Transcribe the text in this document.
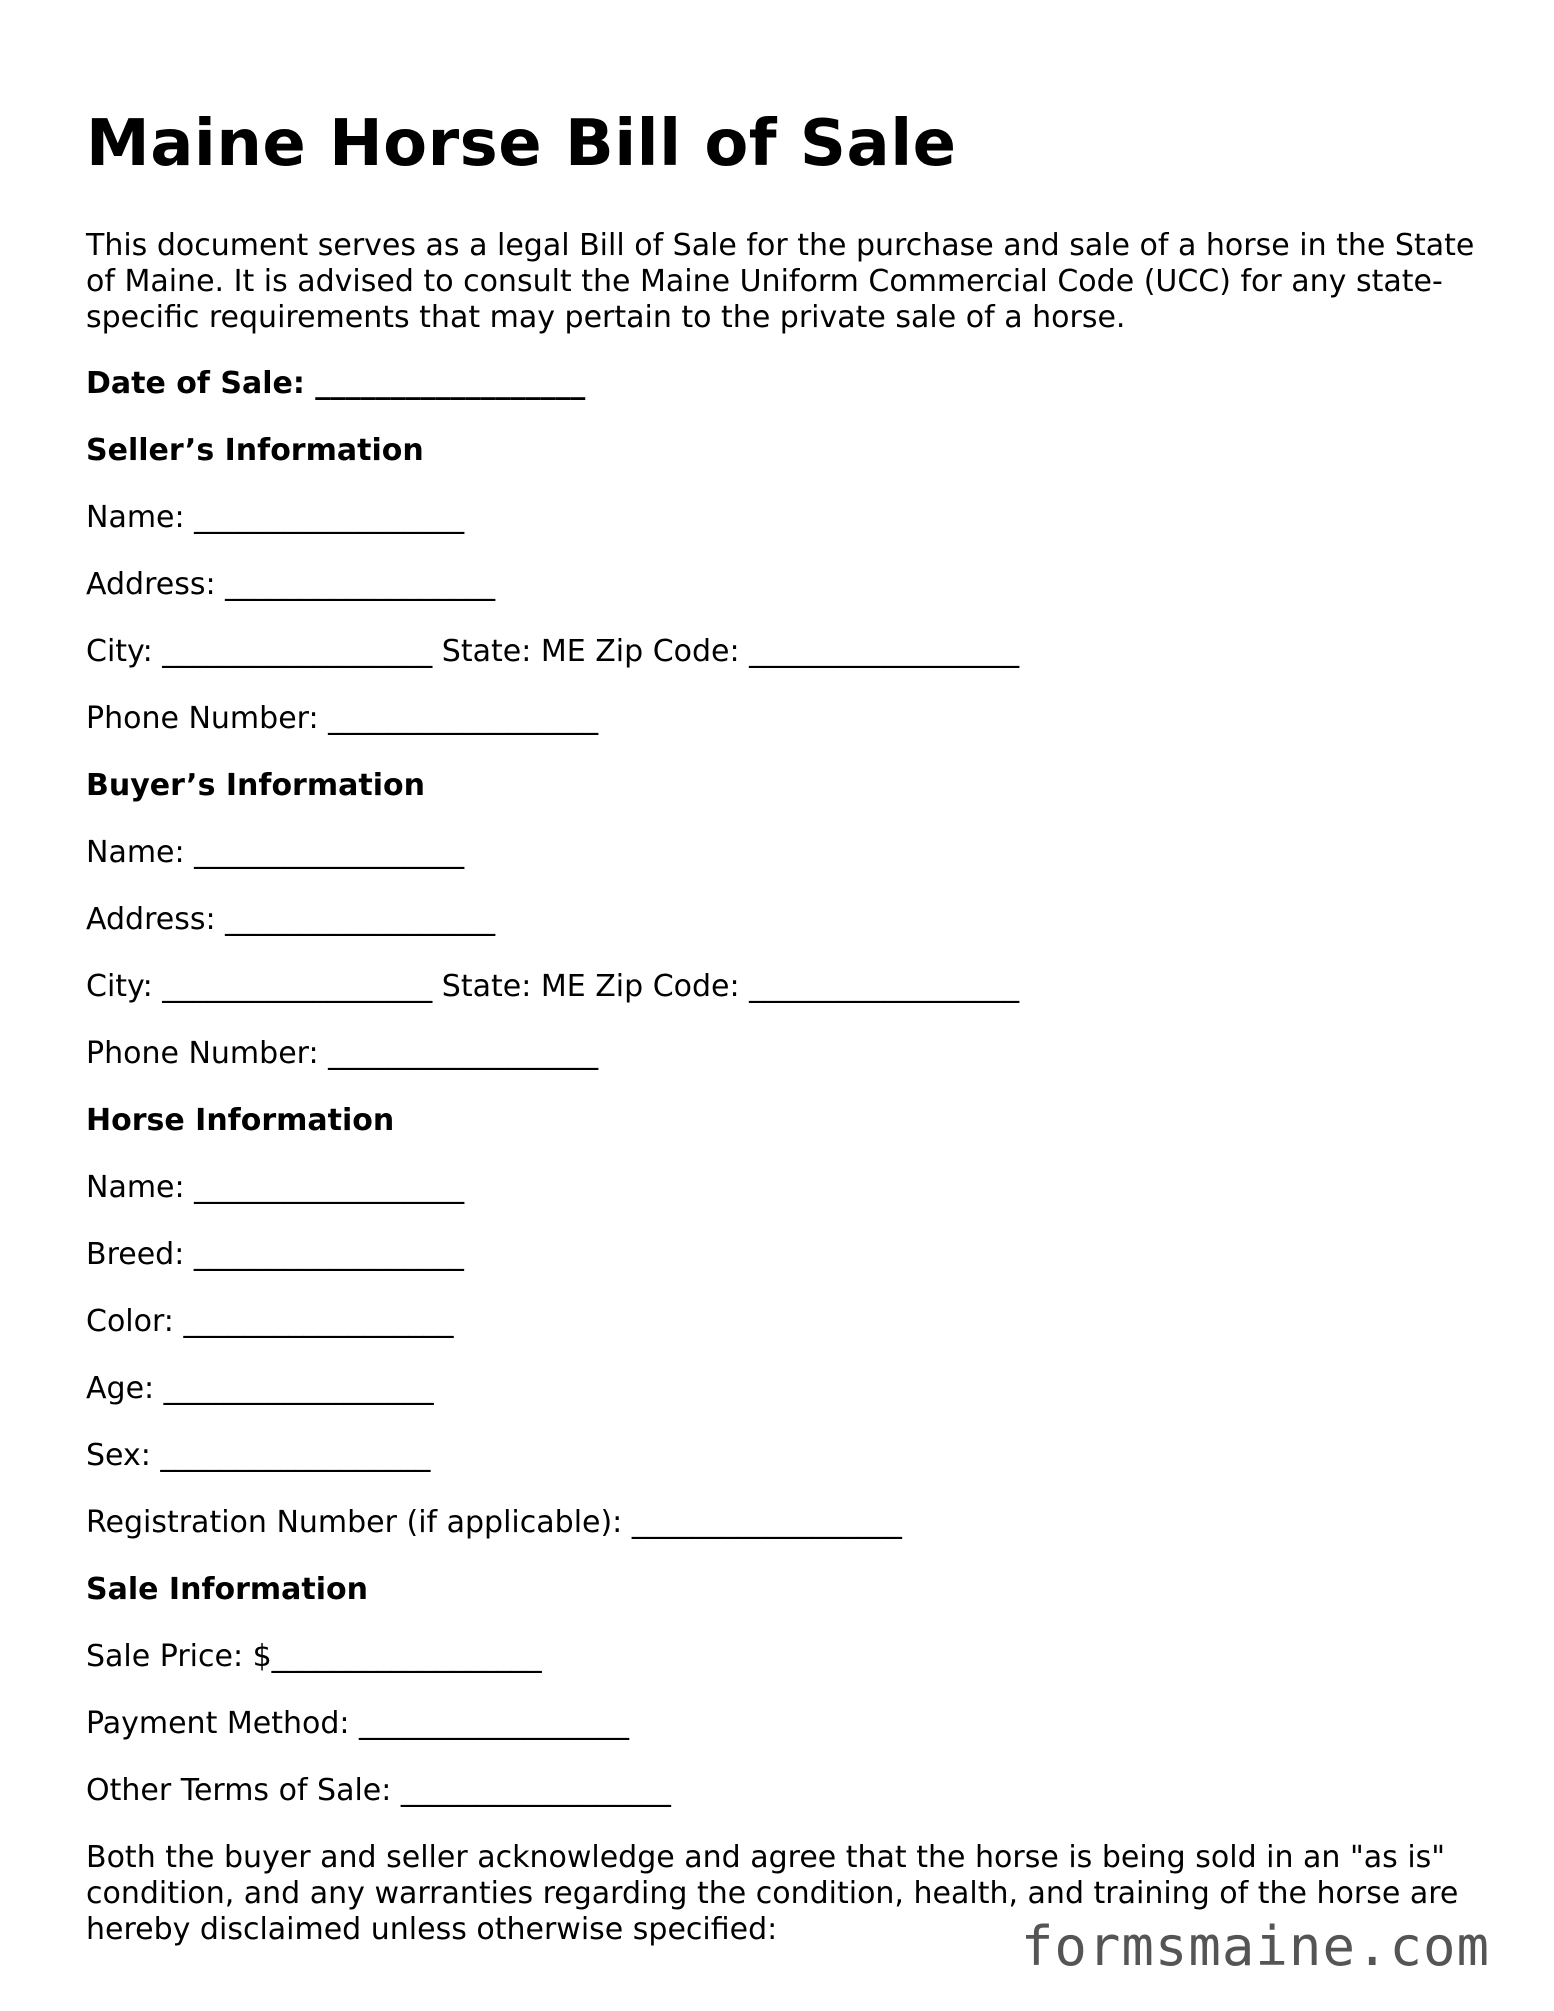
Maine Horse Bill of Sale
This document serves as a legal Bill of Sale for the purchase and sale of a horse in the State of Maine. It is advised to consult the Maine Uniform Commercial Code (UCC) for any state-specific requirements that may pertain to the private sale of a horse.
Date of Sale: __________________
Seller’s Information
Name: __________________
Address: __________________
City: __________________ State: ME Zip Code: __________________
Phone Number: __________________
Buyer’s Information
Name: __________________
Address: __________________
City: __________________ State: ME Zip Code: __________________
Phone Number: __________________
Horse Information
Name: __________________
Breed: __________________
Color: __________________
Age: __________________
Sex: __________________
Registration Number (if applicable): __________________
Sale Information
Sale Price: $__________________
Payment Method: __________________
Other Terms of Sale: __________________
Both the buyer and seller acknowledge and agree that the horse is being sold in an "as is" condition, and any warranties regarding the condition, health, and training of the horse are hereby disclaimed unless otherwise specified:	formsmaine.com
